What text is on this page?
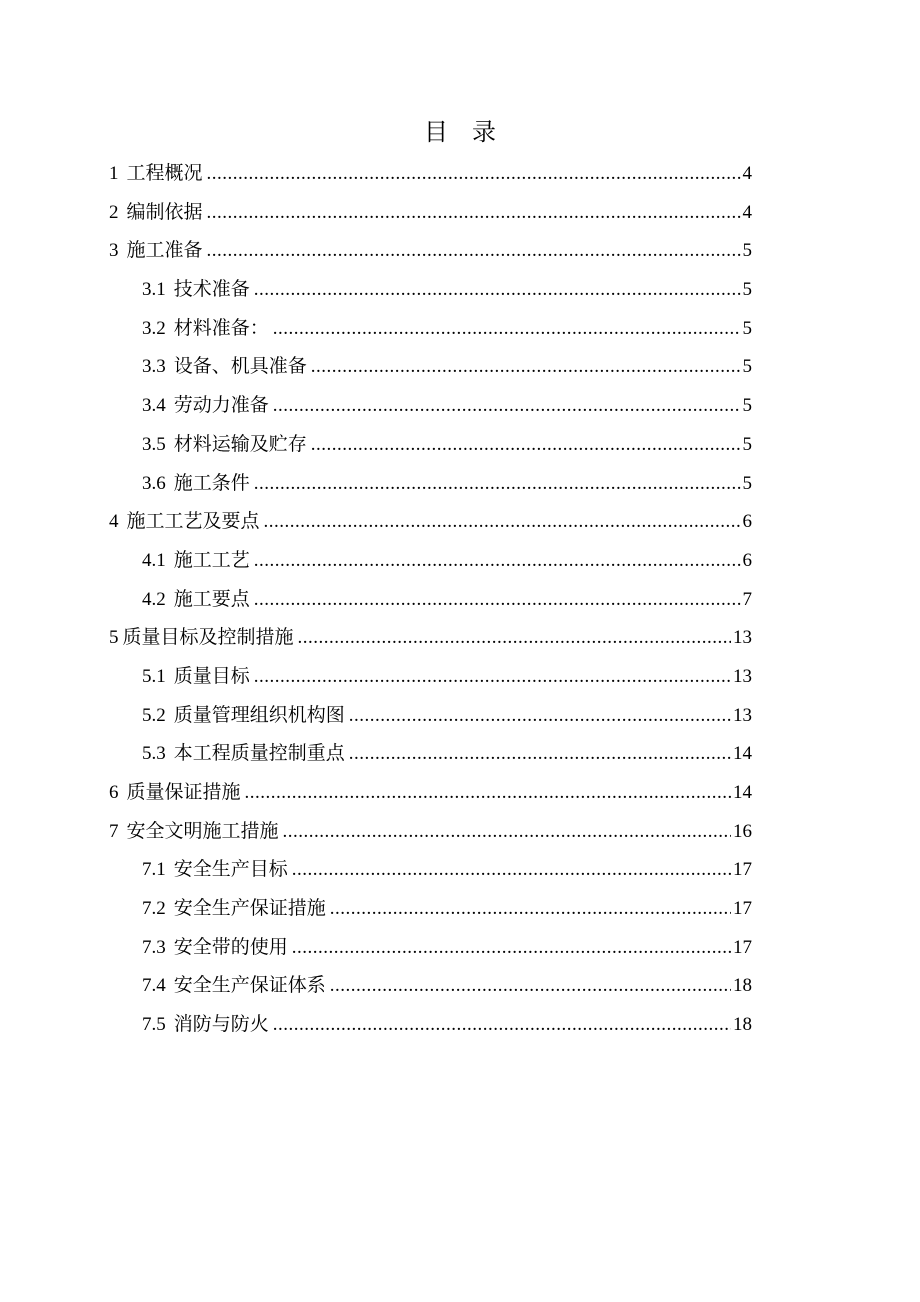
目　录
1 工程概况 .....	4
2 编制依据 .....	4
3 施工准备 .....	5
3.1 技术准备 .....	5
3.2 材料准备： .....	5
3.3 设备、机具准备 .....	5
3.4 劳动力准备 .....	5
3.5 材料运输及贮存 .....	5
3.6 施工条件 .....	5
4 施工工艺及要点 .....	6
4.1 施工工艺 .....	6
4.2 施工要点 .....	7
5 质量目标及控制措施 .....	13
5.1 质量目标 .....	13
5.2 质量管理组织机构图 .....	13
5.3 本工程质量控制重点 .....	14
6 质量保证措施 .....	14
7 安全文明施工措施 .....	16
7.1 安全生产目标 .....	17
7.2 安全生产保证措施 .....	17
7.3 安全带的使用 .....	17
7.4 安全生产保证体系 .....	18
7.5 消防与防火 .....	18
